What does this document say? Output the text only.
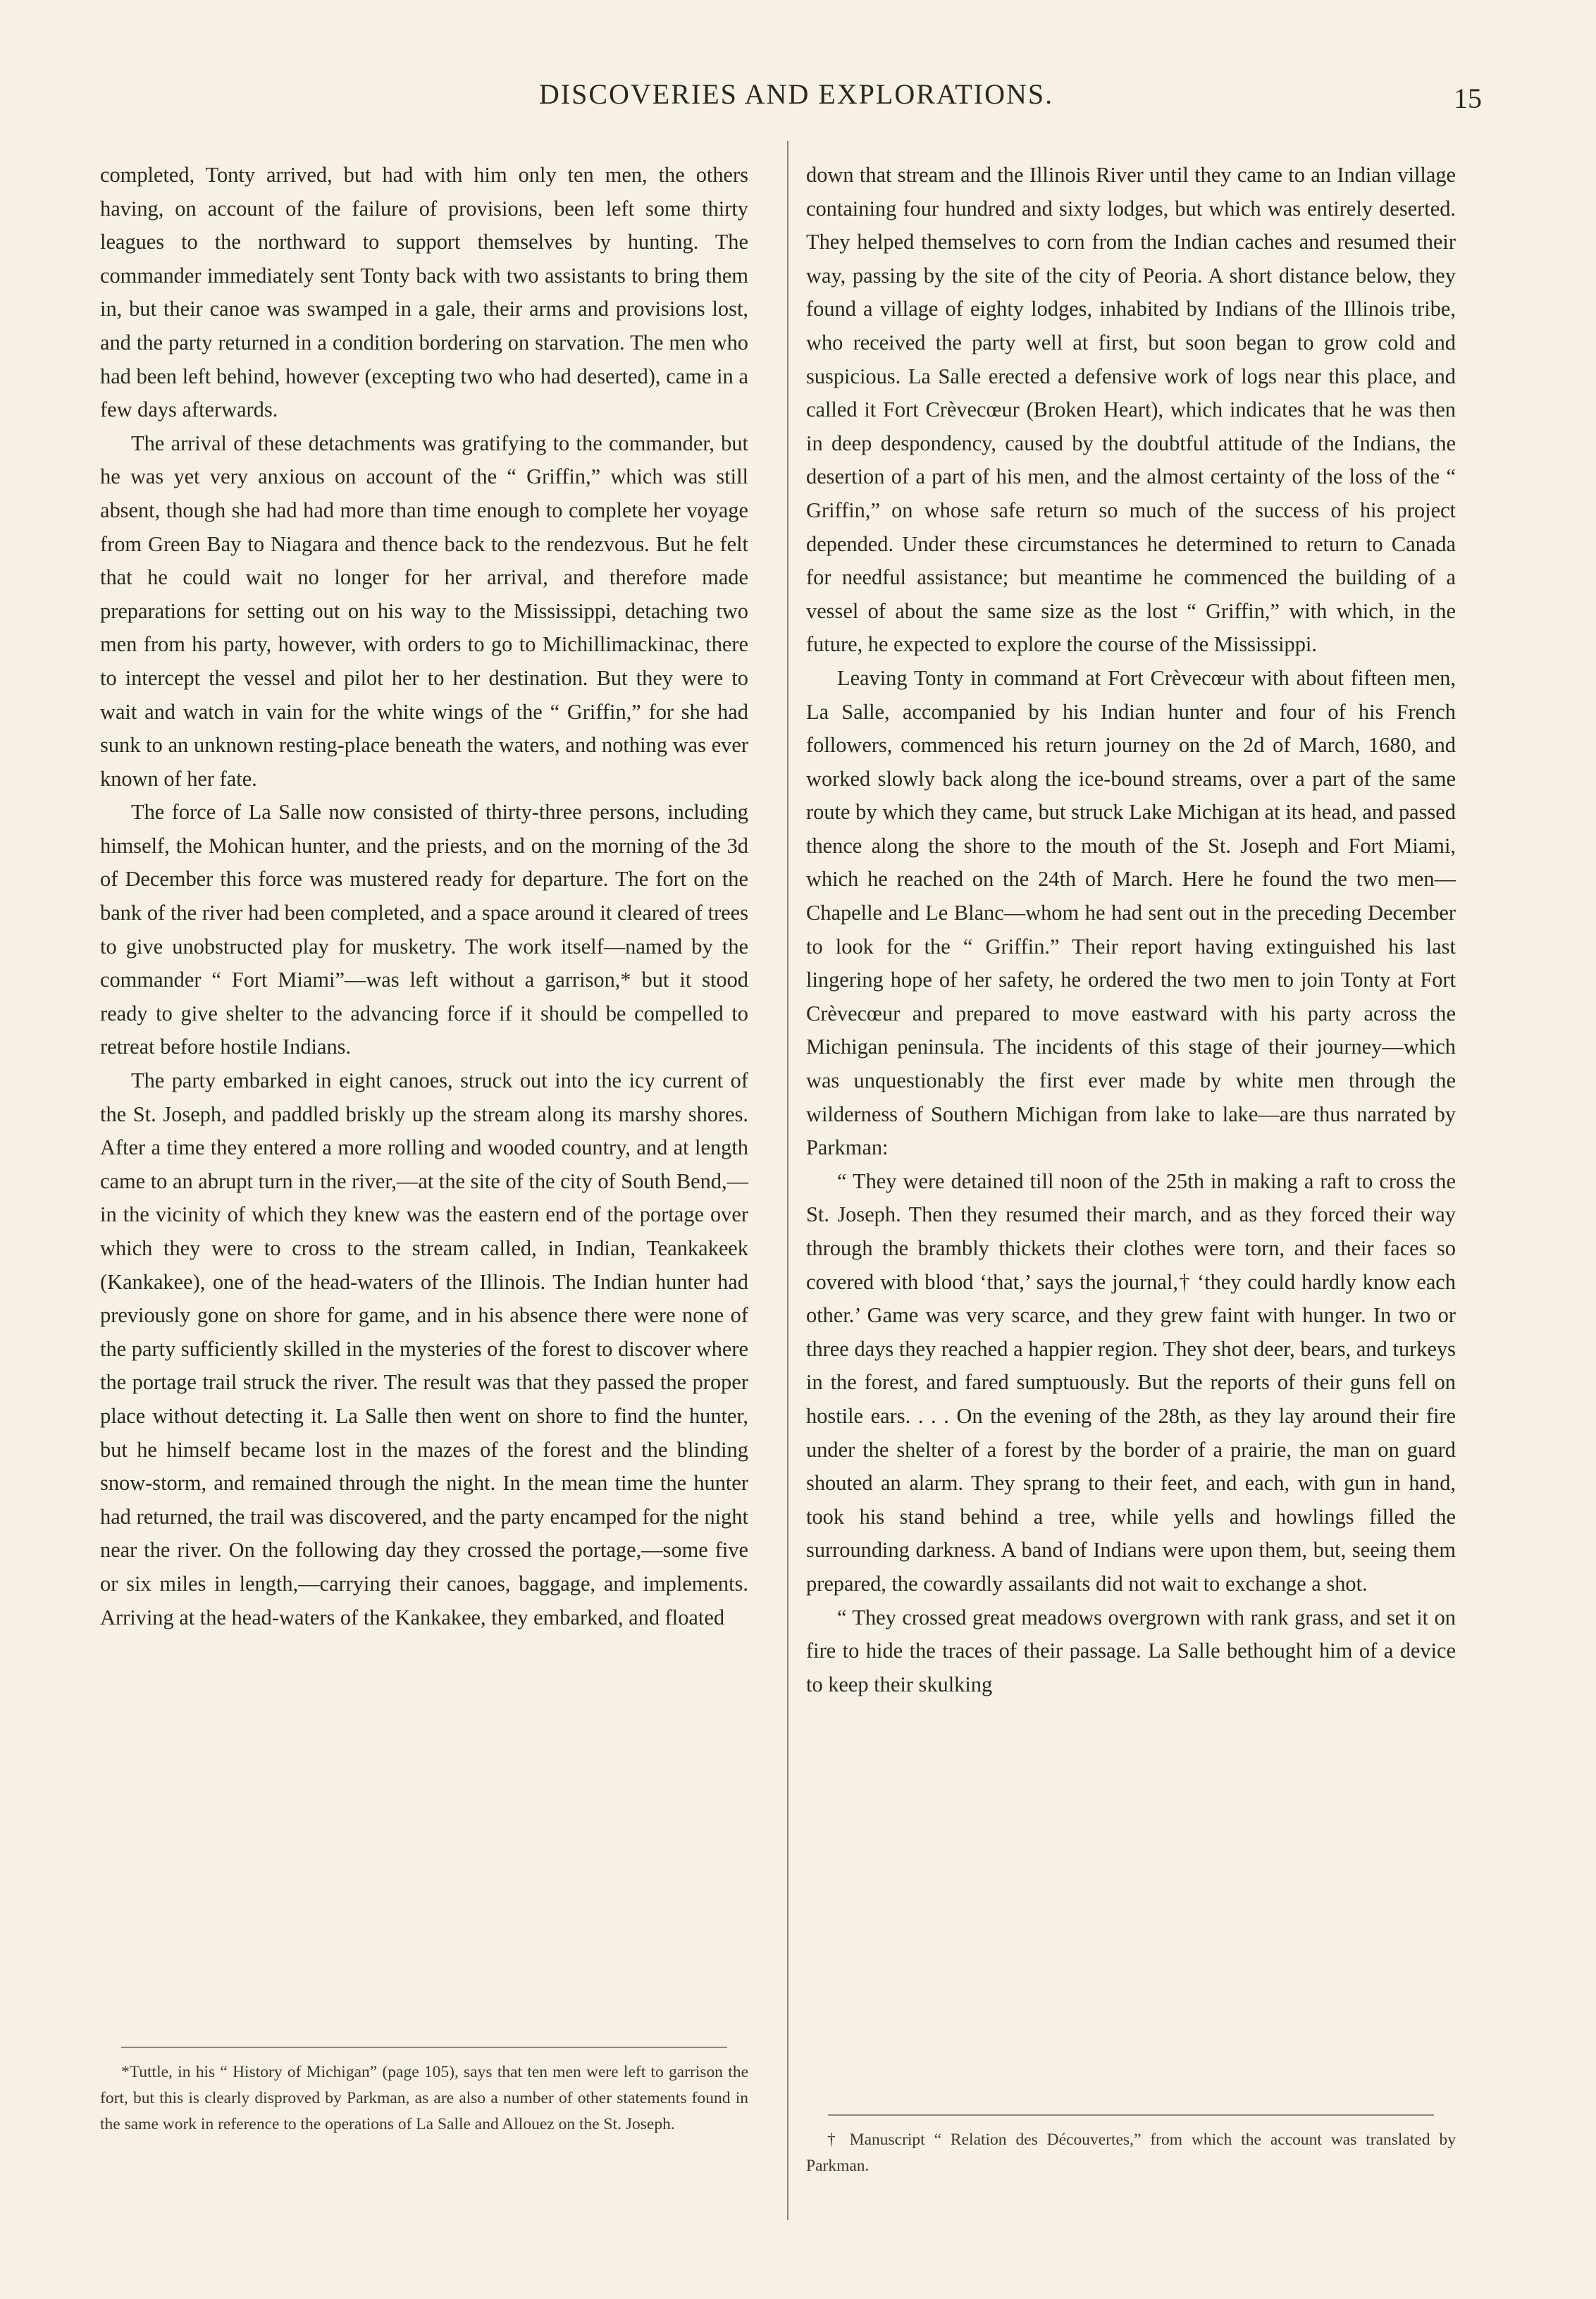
DISCOVERIES AND EXPLORATIONS.	15

completed, Tonty arrived, but had with him only ten men, the others having, on account of the failure of provisions, been left some thirty leagues to the northward to support themselves by hunting. The commander immediately sent Tonty back with two assistants to bring them in, but their canoe was swamped in a gale, their arms and provisions lost, and the party returned in a condition bordering on starvation. The men who had been left behind, however (excepting two who had deserted), came in a few days afterwards.

The arrival of these detachments was gratifying to the commander, but he was yet very anxious on account of the “ Griffin,” which was still absent, though she had had more than time enough to complete her voyage from Green Bay to Niagara and thence back to the rendezvous. But he felt that he could wait no longer for her arrival, and therefore made preparations for setting out on his way to the Mississippi, detaching two men from his party, however, with orders to go to Michillimackinac, there to intercept the vessel and pilot her to her destination. But they were to wait and watch in vain for the white wings of the “ Griffin,” for she had sunk to an unknown resting-place beneath the waters, and nothing was ever known of her fate.

The force of La Salle now consisted of thirty-three persons, including himself, the Mohican hunter, and the priests, and on the morning of the 3d of December this force was mustered ready for departure. The fort on the bank of the river had been completed, and a space around it cleared of trees to give unobstructed play for musketry. The work itself—named by the commander “ Fort Miami”—was left without a garrison,* but it stood ready to give shelter to the advancing force if it should be compelled to retreat before hostile Indians.

The party embarked in eight canoes, struck out into the icy current of the St. Joseph, and paddled briskly up the stream along its marshy shores. After a time they entered a more rolling and wooded country, and at length came to an abrupt turn in the river,—at the site of the city of South Bend,—in the vicinity of which they knew was the eastern end of the portage over which they were to cross to the stream called, in Indian, Teankakeek (Kankakee), one of the head-waters of the Illinois. The Indian hunter had previously gone on shore for game, and in his absence there were none of the party sufficiently skilled in the mysteries of the forest to discover where the portage trail struck the river. The result was that they passed the proper place without detecting it. La Salle then went on shore to find the hunter, but he himself became lost in the mazes of the forest and the blinding snow-storm, and remained through the night. In the mean time the hunter had returned, the trail was discovered, and the party encamped for the night near the river. On the following day they crossed the portage,—some five or six miles in length,—carrying their canoes, baggage, and implements. Arriving at the head-waters of the Kankakee, they embarked, and floated

*Tuttle, in his “ History of Michigan” (page 105), says that ten men were left to garrison the fort, but this is clearly disproved by Parkman, as are also a number of other statements found in the same work in reference to the operations of La Salle and Allouez on the St. Joseph.

down that stream and the Illinois River until they came to an Indian village containing four hundred and sixty lodges, but which was entirely deserted. They helped themselves to corn from the Indian caches and resumed their way, passing by the site of the city of Peoria. A short distance below, they found a village of eighty lodges, inhabited by Indians of the Illinois tribe, who received the party well at first, but soon began to grow cold and suspicious. La Salle erected a defensive work of logs near this place, and called it Fort Crèvecœur (Broken Heart), which indicates that he was then in deep despondency, caused by the doubtful attitude of the Indians, the desertion of a part of his men, and the almost certainty of the loss of the “ Griffin,” on whose safe return so much of the success of his project depended. Under these circumstances he determined to return to Canada for needful assistance; but meantime he commenced the building of a vessel of about the same size as the lost “ Griffin,” with which, in the future, he expected to explore the course of the Mississippi.

Leaving Tonty in command at Fort Crèvecœur with about fifteen men, La Salle, accompanied by his Indian hunter and four of his French followers, commenced his return journey on the 2d of March, 1680, and worked slowly back along the ice-bound streams, over a part of the same route by which they came, but struck Lake Michigan at its head, and passed thence along the shore to the mouth of the St. Joseph and Fort Miami, which he reached on the 24th of March. Here he found the two men—Chapelle and Le Blanc—whom he had sent out in the preceding December to look for the “ Griffin.” Their report having extinguished his last lingering hope of her safety, he ordered the two men to join Tonty at Fort Crèvecœur and prepared to move eastward with his party across the Michigan peninsula. The incidents of this stage of their journey—which was unquestionably the first ever made by white men through the wilderness of Southern Michigan from lake to lake—are thus narrated by Parkman:

“ They were detained till noon of the 25th in making a raft to cross the St. Joseph. Then they resumed their march, and as they forced their way through the brambly thickets their clothes were torn, and their faces so covered with blood ‘that,’ says the journal,† ‘they could hardly know each other.’ Game was very scarce, and they grew faint with hunger. In two or three days they reached a happier region. They shot deer, bears, and turkeys in the forest, and fared sumptuously. But the reports of their guns fell on hostile ears. . . . On the evening of the 28th, as they lay around their fire under the shelter of a forest by the border of a prairie, the man on guard shouted an alarm. They sprang to their feet, and each, with gun in hand, took his stand behind a tree, while yells and howlings filled the surrounding darkness. A band of Indians were upon them, but, seeing them prepared, the cowardly assailants did not wait to exchange a shot.

“ They crossed great meadows overgrown with rank grass, and set it on fire to hide the traces of their passage. La Salle bethought him of a device to keep their skulking

† Manuscript “ Relation des Découvertes,” from which the account was translated by Parkman.
